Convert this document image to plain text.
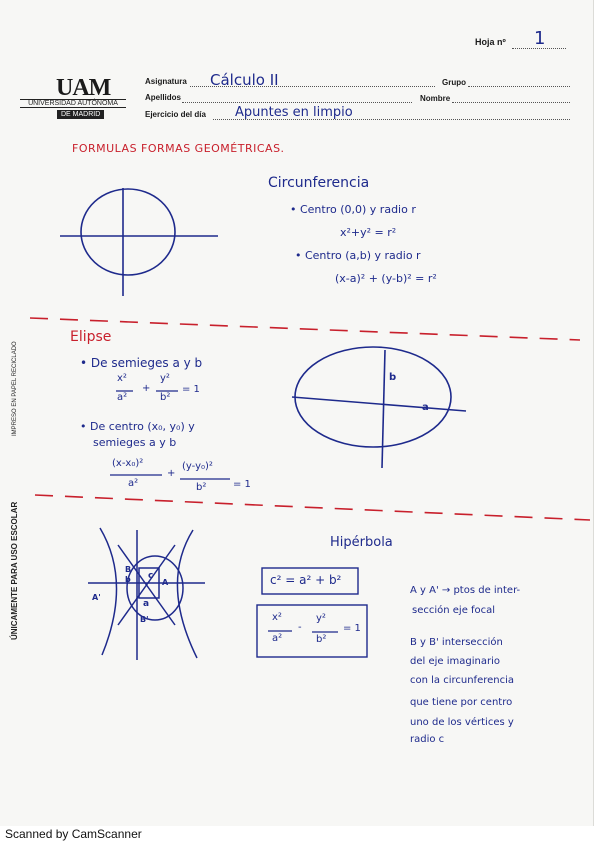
Hoja nº 1
UAM
UNIVERSIDAD AUTÓNOMA
DE MADRID
Asignatura Cálculo II	Grupo
Apellidos	Nombre
Ejercicio del día Apuntes en limpio
IMPRESO EN PAPEL RECICLADO
ÚNICAMENTE PARA USO ESCOLAR
FORMULAS FORMAS GEOMÉTRICAS.
Circunferencia
• Centro (0,0) y radio r
x²+y² = r²
• Centro (a,b) y radio r
(x-a)² + (y-b)² = r²
Elipse
• De semieges a y b
x²
a²
+
y²
b²
= 1
• De centro (x₀, y₀) y
semieges a y b
(x-x₀)²
a²
+
(y-y₀)²
b²	= 1
b
a
Hipérbola
c² = a² + b²
x²
a²
-
y²
b²
= 1
A y A' → ptos de inter-
sección eje focal
B y B' intersección
del eje imaginario
con la circunferencia
que tiene por centro
uno de los vértices y
radio c
B
b c
A
A'
a
B'
Scanned by CamScanner
